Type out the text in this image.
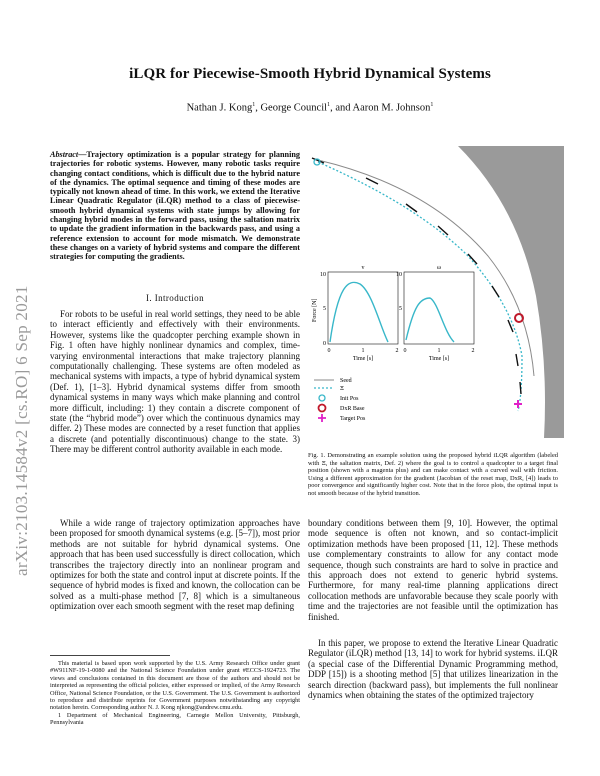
arXiv:2103.14584v2 [cs.RO] 6 Sep 2021
iLQR for Piecewise-Smooth Hybrid Dynamical Systems
Nathan J. Kong$^1$, George Council$^1$, and Aaron M. Johnson$^1$
Abstract—Trajectory optimization is a popular strategy for planning trajectories for robotic systems. However, many robotic tasks require changing contact conditions, which is difficult due to the hybrid nature of the dynamics. The optimal sequence and timing of these modes are typically not known ahead of time. In this work, we extend the Iterative Linear Quadratic Regulator (iLQR) method to a class of piecewise-smooth hybrid dynamical systems with state jumps by allowing for changing hybrid modes in the forward pass, using the saltation matrix to update the gradient information in the backwards pass, and using a reference extension to account for mode mismatch. We demonstrate these changes on a variety of hybrid systems and compare the different strategies for computing the gradients.
I. Introduction

For robots to be useful in real world settings, they need to be able to interact efficiently and effectively with their environments. However, systems like the quadcopter perching example shown in Fig. 1 often have highly nonlinear dynamics and complex, time-varying environmental interactions that make trajectory planning computationally challenging. These systems are often modeled as mechanical systems with impacts, a type of hybrid dynamical system (Def. 1), [1–3]. Hybrid dynamical systems differ from smooth dynamical systems in many ways which make planning and control more difficult, including: 1) they contain a discrete component of state (the “hybrid mode”) over which the continuous dynamics may differ. 2) These modes are connected by a reset function that applies a discrete (and potentially discontinuous) change to the state. 3) There may be different control authority available in each mode.

While a wide range of trajectory optimization approaches have been proposed for smooth dynamical systems (e.g. [5–7]), most prior methods are not suitable for hybrid dynamical systems. One approach that has been used successfully is direct collocation, which transcribes the trajectory directly into an nonlinear program and optimizes for both the state and control input at discrete points. If the sequence of hybrid modes is fixed and known, the collocation can be solved as a multi-phase method [7, 8] which is a simultaneous optimization over each smooth segment with the reset map defining

This material is based upon work supported by the U.S. Army Research Office under grant #W911NF-19-1-0080 and the National Science Foundation under grant #ECCS-1924723. The views and conclusions contained in this document are those of the authors and should not be interpreted as representing the official policies, either expressed or implied, of the Army Research Office, National Science Foundation, or the U.S. Government. The U.S. Government is authorized to reproduce and distribute reprints for Government purposes notwithstanding any copyright notation herein. Corresponding author N. J. Kong njkong@andrew.cmu.edu.

1 Department of Mechanical Engineering, Carnegie Mellon University, Pittsburgh, Pennsylvania

v	ω
Force [N]
10
5
0
10
5
0	1	2 0	1	2
Time [s]	Time [s]
Seed
Ξ
Init Pos
DxR Base
Target Pos
Fig. 1. Demonstrating an example solution using the proposed hybrid iLQR algorithm (labeled with Ξ, the saltation matrix, Def. 2) where the goal is to control a quadcopter to a target final position (shown with a magenta plus) and can make contact with a curved wall with friction. Using a different approximation for the gradient (Jacobian of the reset map, DxR, [4]) leads to poor convergence and significantly higher cost. Note that in the force plots, the optimal input is not smooth because of the hybrid transition.

boundary conditions between them [9, 10]. However, the optimal mode sequence is often not known, and so contact-implicit optimization methods have been proposed [11, 12]. These methods use complementary constraints to allow for any contact mode sequence, though such constraints are hard to solve in practice and this approach does not extend to generic hybrid systems. Furthermore, for many real-time planning applications direct collocation methods are unfavorable because they scale poorly with time and the trajectories are not feasible until the optimization has finished.

In this paper, we propose to extend the Iterative Linear Quadratic Regulator (iLQR) method [13, 14] to work for hybrid systems. iLQR (a special case of the Differential Dynamic Programming method, DDP [15]) is a shooting method [5] that utilizes linearization in the search direction (backward pass), but implements the full nonlinear dynamics when obtaining the states of the optimized trajectory
